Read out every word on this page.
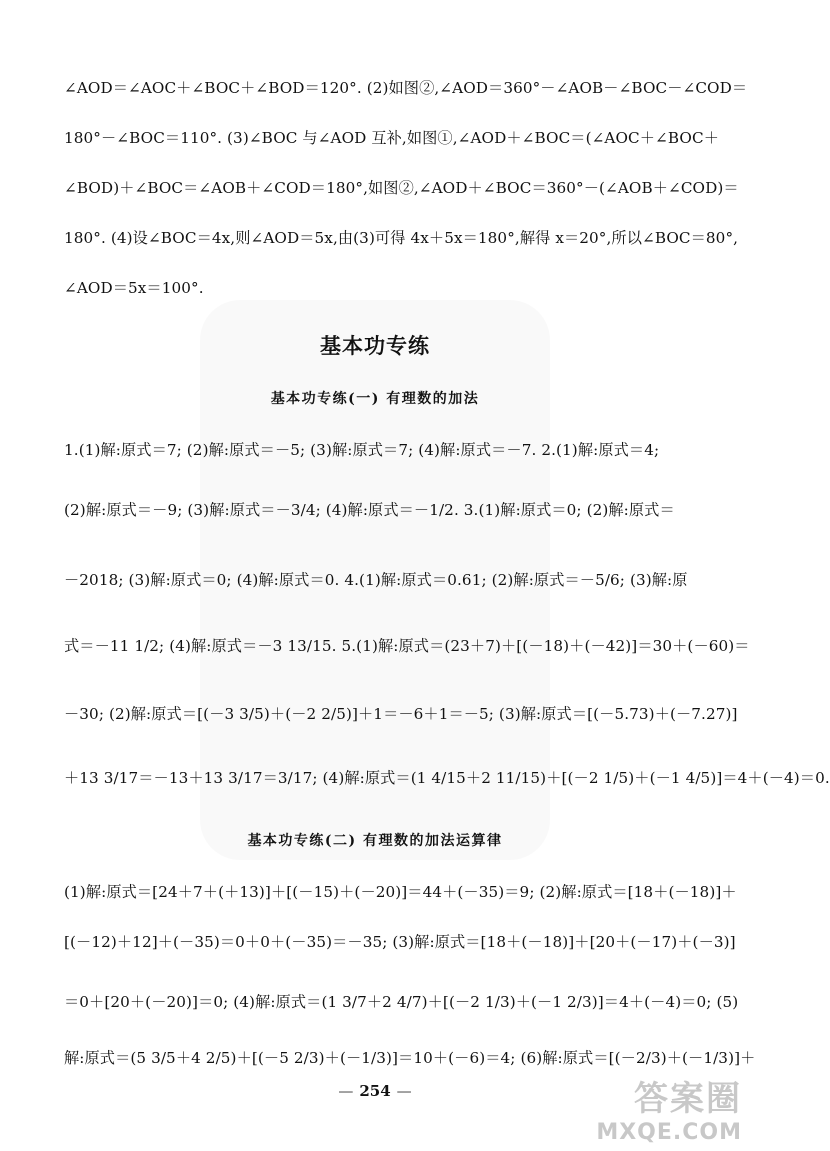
∠AOD＝∠AOC＋∠BOC＋∠BOD＝120°. (2)如图②,∠AOD＝360°－∠AOB－∠BOC－∠COD＝
180°－∠BOC＝110°. (3)∠BOC 与∠AOD 互补,如图①,∠AOD＋∠BOC＝(∠AOC＋∠BOC＋
∠BOD)＋∠BOC＝∠AOB＋∠COD＝180°,如图②,∠AOD＋∠BOC＝360°－(∠AOB＋∠COD)＝
180°. (4)设∠BOC＝4x,则∠AOD＝5x,由(3)可得 4x＋5x＝180°,解得 x＝20°,所以∠BOC＝80°,
∠AOD＝5x＝100°.
基本功专练
基本功专练(一) 有理数的加法
1.(1)解:原式＝7; (2)解:原式＝－5; (3)解:原式＝7; (4)解:原式＝－7. 2.(1)解:原式＝4;
(2)解:原式＝－9; (3)解:原式＝－3/4; (4)解:原式＝－1/2. 3.(1)解:原式＝0; (2)解:原式＝
－2018; (3)解:原式＝0; (4)解:原式＝0. 4.(1)解:原式＝0.61; (2)解:原式＝－5/6; (3)解:原
式＝－11 1/2; (4)解:原式＝－3 13/15. 5.(1)解:原式＝(23＋7)＋[(－18)＋(－42)]＝30＋(－60)＝
－30; (2)解:原式＝[(－3 3/5)＋(－2 2/5)]＋1＝－6＋1＝－5; (3)解:原式＝[(－5.73)＋(－7.27)]
＋13 3/17＝－13＋13 3/17＝3/17; (4)解:原式＝(1 4/15＋2 11/15)＋[(－2 1/5)＋(－1 4/5)]＝4＋(－4)＝0.
基本功专练(二) 有理数的加法运算律
(1)解:原式＝[24＋7＋(＋13)]＋[(－15)＋(－20)]＝44＋(－35)＝9; (2)解:原式＝[18＋(－18)]＋
[(－12)＋12]＋(－35)＝0＋0＋(－35)＝－35; (3)解:原式＝[18＋(－18)]＋[20＋(－17)＋(－3)]
＝0＋[20＋(－20)]＝0; (4)解:原式＝(1 3/7＋2 4/7)＋[(－2 1/3)＋(－1 2/3)]＝4＋(－4)＝0; (5)
解:原式＝(5 3/5＋4 2/5)＋[(－5 2/3)＋(－1/3)]＝10＋(－6)＝4; (6)解:原式＝[(－2/3)＋(－1/3)]＋
— 254 —	答案圈
MXQE.COM
